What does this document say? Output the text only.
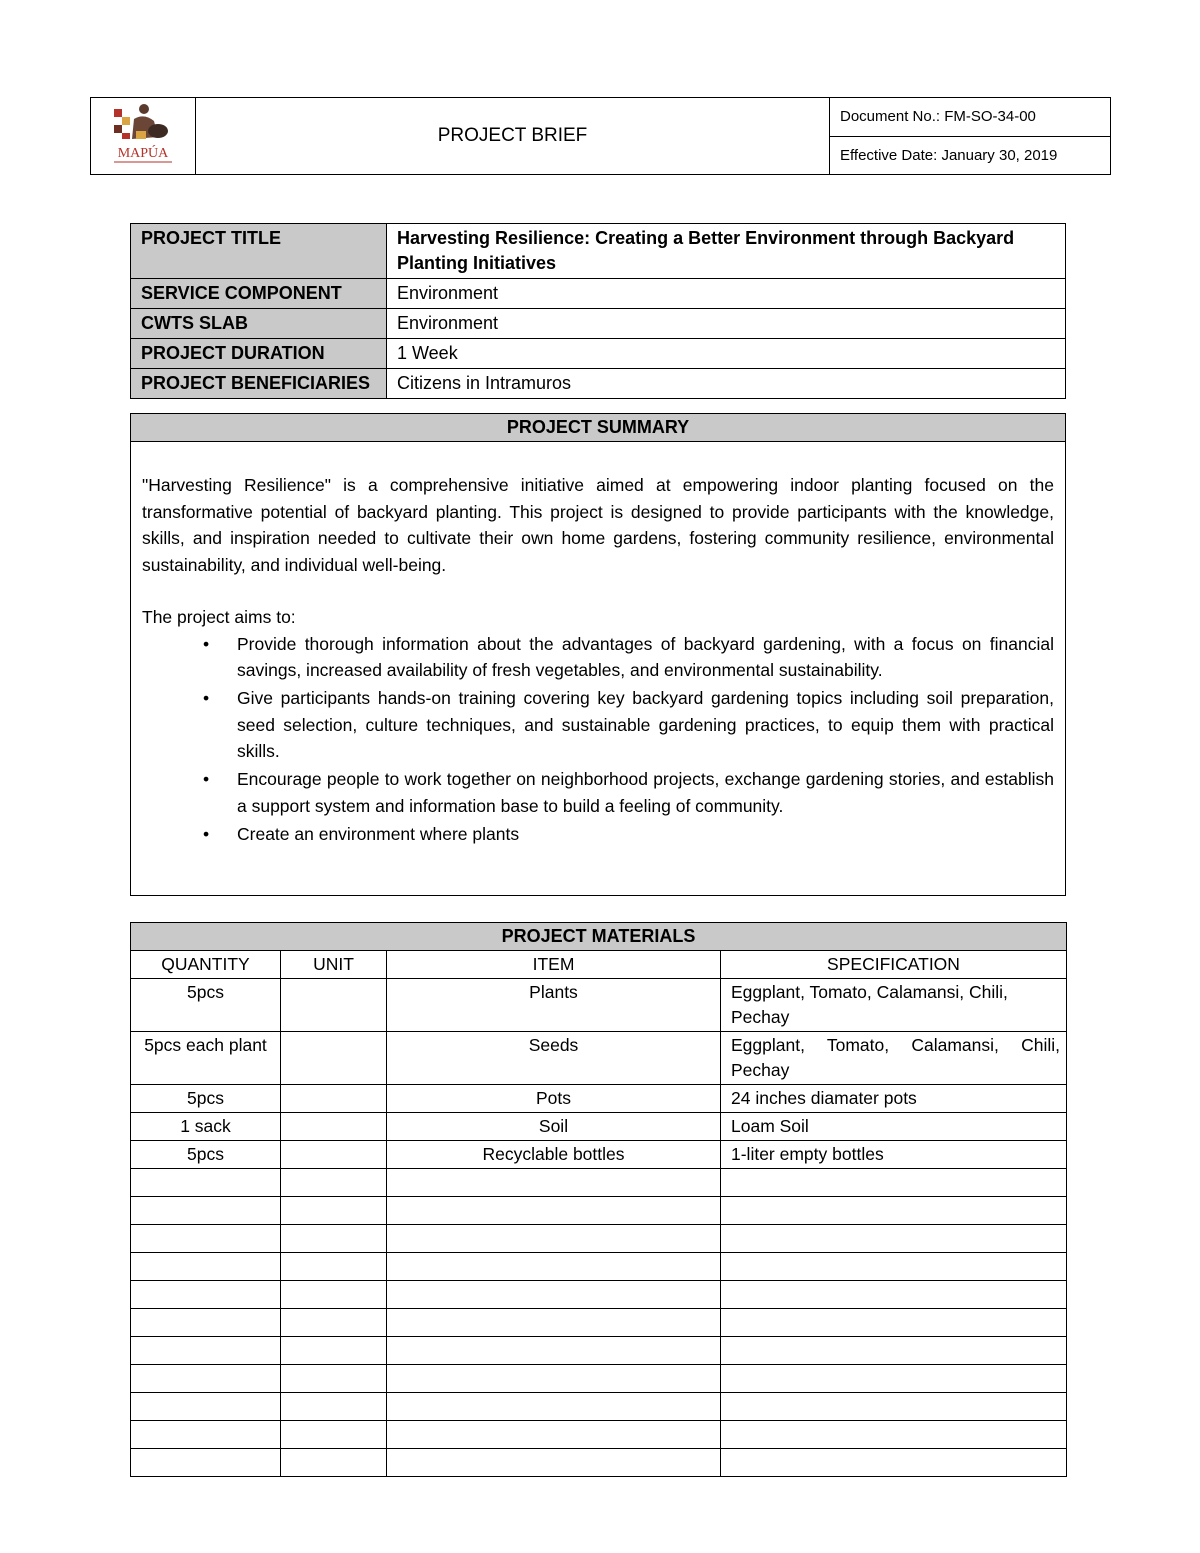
MAPÚA
	PROJECT BRIEF	Document No.: FM-SO-34-00
Effective Date: January 30, 2019
PROJECT TITLE	Harvesting Resilience: Creating a Better Environment through Backyard Planting Initiatives
SERVICE COMPONENT	Environment
CWTS SLAB	Environment
PROJECT DURATION	1 Week
PROJECT BENEFICIARIES	Citizens in Intramuros
PROJECT SUMMARY

"Harvesting Resilience" is a comprehensive initiative aimed at empowering indoor planting focused on the transformative potential of backyard planting. This project is designed to provide participants with the knowledge, skills, and inspiration needed to cultivate their own home gardens, fostering community resilience, environmental sustainability, and individual well-being.

The project aims to:

• Provide thorough information about the advantages of backyard gardening, with a focus on financial savings, increased availability of fresh vegetables, and environmental sustainability.
• Give participants hands-on training covering key backyard gardening topics including soil preparation, seed selection, culture techniques, and sustainable gardening practices, to equip them with practical skills.
• Encourage people to work together on neighborhood projects, exchange gardening stories, and establish a support system and information base to build a feeling of community.
• Create an environment where plants
PROJECT MATERIALS			
QUANTITY	UNIT	ITEM	SPECIFICATION
5pcs		Plants	Eggplant, Tomato, Calamansi, Chili, Pechay
5pcs each plant		Seeds	Eggplant, Tomato, Calamansi, Chili, Pechay
5pcs		Pots	24 inches diamater pots
1 sack		Soil	Loam Soil
5pcs		Recyclable bottles	1-liter empty bottles
